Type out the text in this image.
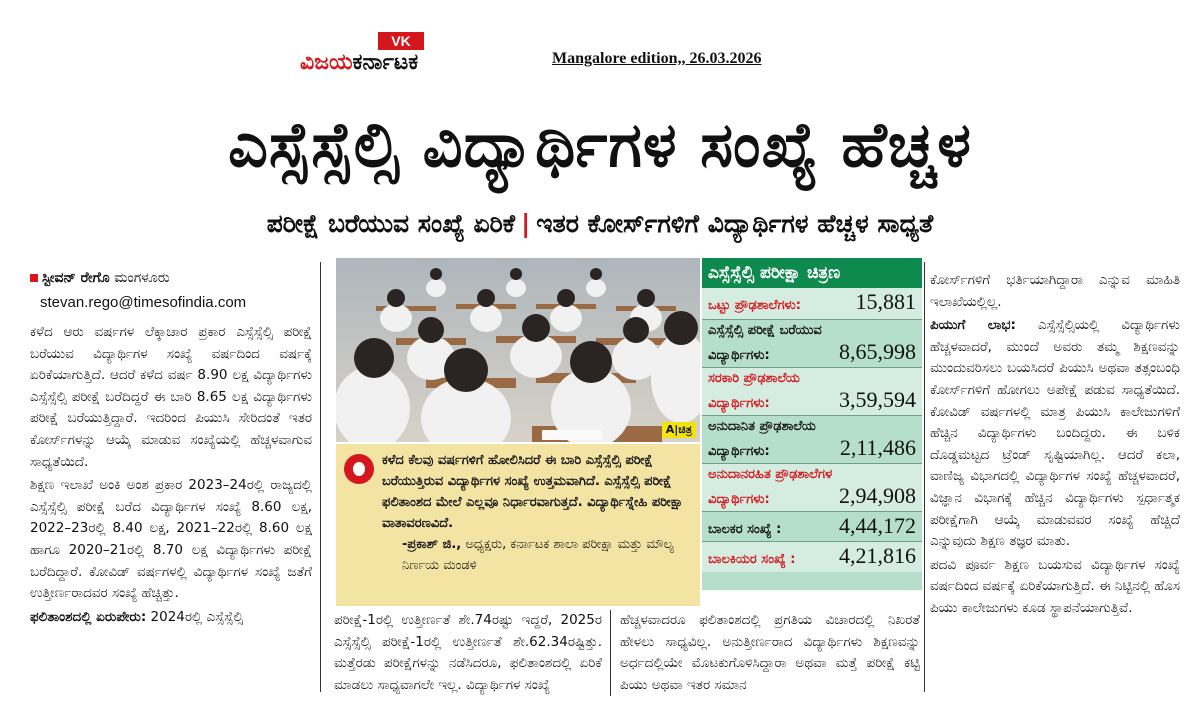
VK
ವಿಜಯಕರ್ನಾಟಕ	Mangalore edition,, 26.03.2026
ಎಸ್ಸೆಸ್ಸೆಲ್ಸಿ ವಿದ್ಯಾರ್ಥಿಗಳ ಸಂಖ್ಯೆ ಹೆಚ್ಚಳ
ಪರೀಕ್ಷೆ ಬರೆಯುವ ಸಂಖ್ಯೆ ಏರಿಕೆ | ಇತರ ಕೋರ್ಸ್‌ಗಳಿಗೆ ವಿದ್ಯಾರ್ಥಿಗಳ ಹೆಚ್ಚಳ ಸಾಧ್ಯತೆ
ಸ್ಟೀವನ್ ರೇಗೊ ಮಂಗಳೂರು
stevan.rego@timesofindia.com

ಕಳೆದ ಆರು ವರ್ಷಗಳ ಲೆಕ್ಕಾಚಾರ ಪ್ರಕಾರ ಎಸ್ಸೆಸ್ಸೆಲ್ಸಿ ಪರೀಕ್ಷೆ ಬರೆಯುವ ವಿದ್ಯಾರ್ಥಿಗಳ ಸಂಖ್ಯೆ ವರ್ಷದಿಂದ ವರ್ಷಕ್ಕೆ ಏರಿಕೆಯಾಗುತ್ತಿದೆ. ಆದರೆ ಕಳೆದ ವರ್ಷ 8.90 ಲಕ್ಷ ವಿದ್ಯಾರ್ಥಿಗಳು ಎಸ್ಸೆಸ್ಸೆಲ್ಸಿ ಪರೀಕ್ಷೆ ಬರೆದಿದ್ದರೆ ಈ ಬಾರಿ 8.65 ಲಕ್ಷ ವಿದ್ಯಾರ್ಥಿಗಳು ಪರೀಕ್ಷೆ ಬರೆಯುತ್ತಿದ್ದಾರೆ. ಇದರಿಂದ ಪಿಯುಸಿ ಸೇರಿದಂತೆ ಇತರ ಕೋರ್ಸ್‌ಗಳನ್ನು ಆಯ್ಕೆ ಮಾಡುವ ಸಂಖ್ಯೆಯಲ್ಲಿ ಹೆಚ್ಚಳವಾಗುವ ಸಾಧ್ಯತೆಯಿದೆ.

ಶಿಕ್ಷಣ ಇಲಾಖೆ ಅಂಕಿ ಅಂಶ ಪ್ರಕಾರ 2023–24ರಲ್ಲಿ ರಾಜ್ಯದಲ್ಲಿ ಎಸ್ಸೆಸ್ಸೆಲ್ಸಿ ಪರೀಕ್ಷೆ ಬರೆದ ವಿದ್ಯಾರ್ಥಿಗಳ ಸಂಖ್ಯೆ 8.60 ಲಕ್ಷ, 2022–23ರಲ್ಲಿ 8.40 ಲಕ್ಷ, 2021–22ರಲ್ಲಿ 8.60 ಲಕ್ಷ ಹಾಗೂ 2020–21ರಲ್ಲಿ 8.70 ಲಕ್ಷ ವಿದ್ಯಾರ್ಥಿಗಳು ಪರೀಕ್ಷೆ ಬರೆದಿದ್ದಾರೆ. ಕೋವಿಡ್ ವರ್ಷಗಳಲ್ಲಿ ವಿದ್ಯಾರ್ಥಿಗಳ ಸಂಖ್ಯೆ ಜತೆಗೆ ಉತ್ತೀರ್ಣರಾದವರ ಸಂಖ್ಯೆ ಹೆಚ್ಚಿತ್ತು.

ಫಲಿತಾಂಶದಲ್ಲಿ ಏರುಪೇರು: 2024ರಲ್ಲಿ ಎಸ್ಸೆಸ್ಸೆಲ್ಸಿ

A|ಚಿತ್ರ
ಕಳೆದ ಕೆಲವು ವರ್ಷಗಳಿಗೆ ಹೋಲಿಸಿದರೆ ಈ ಬಾರಿ ಎಸ್ಸೆಸ್ಸೆಲ್ಸಿ ಪರೀಕ್ಷೆ ಬರೆಯುತ್ತಿರುವ ವಿದ್ಯಾರ್ಥಿಗಳ ಸಂಖ್ಯೆ ಉತ್ತಮವಾಗಿದೆ. ಎಸ್ಸೆಸ್ಸೆಲ್ಸಿ ಪರೀಕ್ಷೆ ಫಲಿತಾಂಶದ ಮೇಲೆ ಎಲ್ಲವೂ ನಿರ್ಧಾರವಾಗುತ್ತದೆ. ವಿದ್ಯಾರ್ಥಿಸ್ನೇಹಿ ಪರೀಕ್ಷಾ ವಾತಾವರಣವಿದೆ.
-ಪ್ರಕಾಶ್ ಜಿ., ಅಧ್ಯಕ್ಷರು, ಕರ್ನಾಟಕ ಶಾಲಾ ಪರೀಕ್ಷಾ ಮತ್ತು ಮೌಲ್ಯ ನಿರ್ಣಯ ಮಂಡಳಿ
ಎಸ್ಸೆಸ್ಸೆಲ್ಸಿ ಪರೀಕ್ಷಾ ಚಿತ್ರಣ
ಒಟ್ಟು ಪ್ರೌಢಶಾಲೆಗಳು: 15,881
ಎಸ್ಸೆಸ್ಸೆಲ್ಸಿ ಪರೀಕ್ಷೆ ಬರೆಯುವ
ವಿದ್ಯಾರ್ಥಿಗಳು:	8,65,998
ಸರಕಾರಿ ಪ್ರೌಢಶಾಲೆಯ
ವಿದ್ಯಾರ್ಥಿಗಳು:	3,59,594
ಅನುದಾನಿತ ಪ್ರೌಢಶಾಲೆಯ
ವಿದ್ಯಾರ್ಥಿಗಳು:	2,11,486
ಅನುದಾನರಹಿತ ಪ್ರೌಢಶಾಲೆಗಳ
ವಿದ್ಯಾರ್ಥಿಗಳು:	2,94,908
ಬಾಲಕರ ಸಂಖ್ಯೆ :	4,44,172
ಬಾಲಕಿಯರ ಸಂಖ್ಯೆ : 4,21,816

ಪರೀಕ್ಷೆ-1ರಲ್ಲಿ ಉತ್ತೀರ್ಣತೆ ಶೇ.74ರಷ್ಟು ಇದ್ದರೆ, 2025ರ ಎಸ್ಸೆಸ್ಸೆಲ್ಸಿ ಪರೀಕ್ಷೆ-1ರಲ್ಲಿ ಉತ್ತೀರ್ಣತೆ ಶೇ.62.34ರಷ್ಟಿತ್ತು. ಮತ್ತೆರಡು ಪರೀಕ್ಷೆಗಳನ್ನು ನಡೆಸಿದರೂ, ಫಲಿತಾಂಶದಲ್ಲಿ ಏರಿಕೆ ಮಾಡಲು ಸಾಧ್ಯವಾಗಲೇ ಇಲ್ಲ. ವಿದ್ಯಾರ್ಥಿಗಳ ಸಂಖ್ಯೆ

ಹೆಚ್ಚಳವಾದರೂ ಫಲಿತಾಂಶದಲ್ಲಿ ಪ್ರಗತಿಯ ವಿಚಾರದಲ್ಲಿ ನಿಖರತೆ ಹೇಳಲು ಸಾಧ್ಯವಿಲ್ಲ. ಅನುತ್ತೀರ್ಣರಾದ ವಿದ್ಯಾರ್ಥಿಗಳು ಶಿಕ್ಷಣವನ್ನು ಅರ್ಧದಲ್ಲಿಯೇ ಮೊಟಕುಗೊಳಿಸಿದ್ದಾರಾ ಅಥವಾ ಮತ್ತೆ ಪರೀಕ್ಷೆ ಕಟ್ಟಿ ಪಿಯು ಅಥವಾ ಇತರ ಸಮಾನ

ಕೋರ್ಸ್‌ಗಳಿಗೆ ಭರ್ತಿಯಾಗಿದ್ದಾರಾ ಎನ್ನುವ ಮಾಹಿತಿ ಇಲಾಖೆಯಲ್ಲಿಲ್ಲ.

ಪಿಯುಗೆ ಲಾಭ: ಎಸ್ಸೆಸ್ಸೆಲ್ಸಿಯಲ್ಲಿ ವಿದ್ಯಾರ್ಥಿಗಳು ಹೆಚ್ಚಳವಾದರೆ, ಮುಂದೆ ಅವರು ತಮ್ಮ ಶಿಕ್ಷಣವನ್ನು ಮುಂದುವರಿಸಲು ಬಯಸಿದರೆ ಪಿಯುಸಿ ಅಥವಾ ತತ್ಸಂಬಂಧಿ ಕೋರ್ಸ್‌ಗಳಿಗೆ ಹೋಗಲು ಅಪೇಕ್ಷೆ ಪಡುವ ಸಾಧ್ಯತೆಯಿದೆ. ಕೋವಿಡ್ ವರ್ಷಗಳಲ್ಲಿ ಮಾತ್ರ ಪಿಯುಸಿ ಕಾಲೇಜುಗಳಿಗೆ ಹೆಚ್ಚಿನ ವಿದ್ಯಾರ್ಥಿಗಳು ಬಂದಿದ್ದರು. ಈ ಬಳಿಕ ದೊಡ್ಡಮಟ್ಟದ ಟ್ರೆಂಡ್ ಸೃಷ್ಟಿಯಾಗಿಲ್ಲ. ಆದರೆ ಕಲಾ, ವಾಣಿಜ್ಯ ವಿಭಾಗದಲ್ಲಿ ವಿದ್ಯಾರ್ಥಿಗಳ ಸಂಖ್ಯೆ ಹೆಚ್ಚಳವಾದರೆ, ವಿಜ್ಞಾನ ವಿಭಾಗಕ್ಕೆ ಹೆಚ್ಚಿನ ವಿದ್ಯಾರ್ಥಿಗಳು ಸ್ಪರ್ಧಾತ್ಮಕ ಪರೀಕ್ಷೆಗಾಗಿ ಆಯ್ಕೆ ಮಾಡುವವರ ಸಂಖ್ಯೆ ಹೆಚ್ಚಿದೆ ಎನ್ನುವುದು ಶಿಕ್ಷಣ ತಜ್ಞರ ಮಾತು.

ಪದವಿ ಪೂರ್ವ ಶಿಕ್ಷಣ ಬಯಸುವ ವಿದ್ಯಾರ್ಥಿಗಳ ಸಂಖ್ಯೆ ವರ್ಷದಿಂದ ವರ್ಷಕ್ಕೆ ಏರಿಕೆಯಾಗುತ್ತಿದೆ. ಈ ನಿಟ್ಟಿನಲ್ಲಿ ಹೊಸ ಪಿಯು ಕಾಲೇಜುಗಳು ಕೂಡ ಸ್ಥಾಪನೆಯಾಗುತ್ತಿವೆ.
